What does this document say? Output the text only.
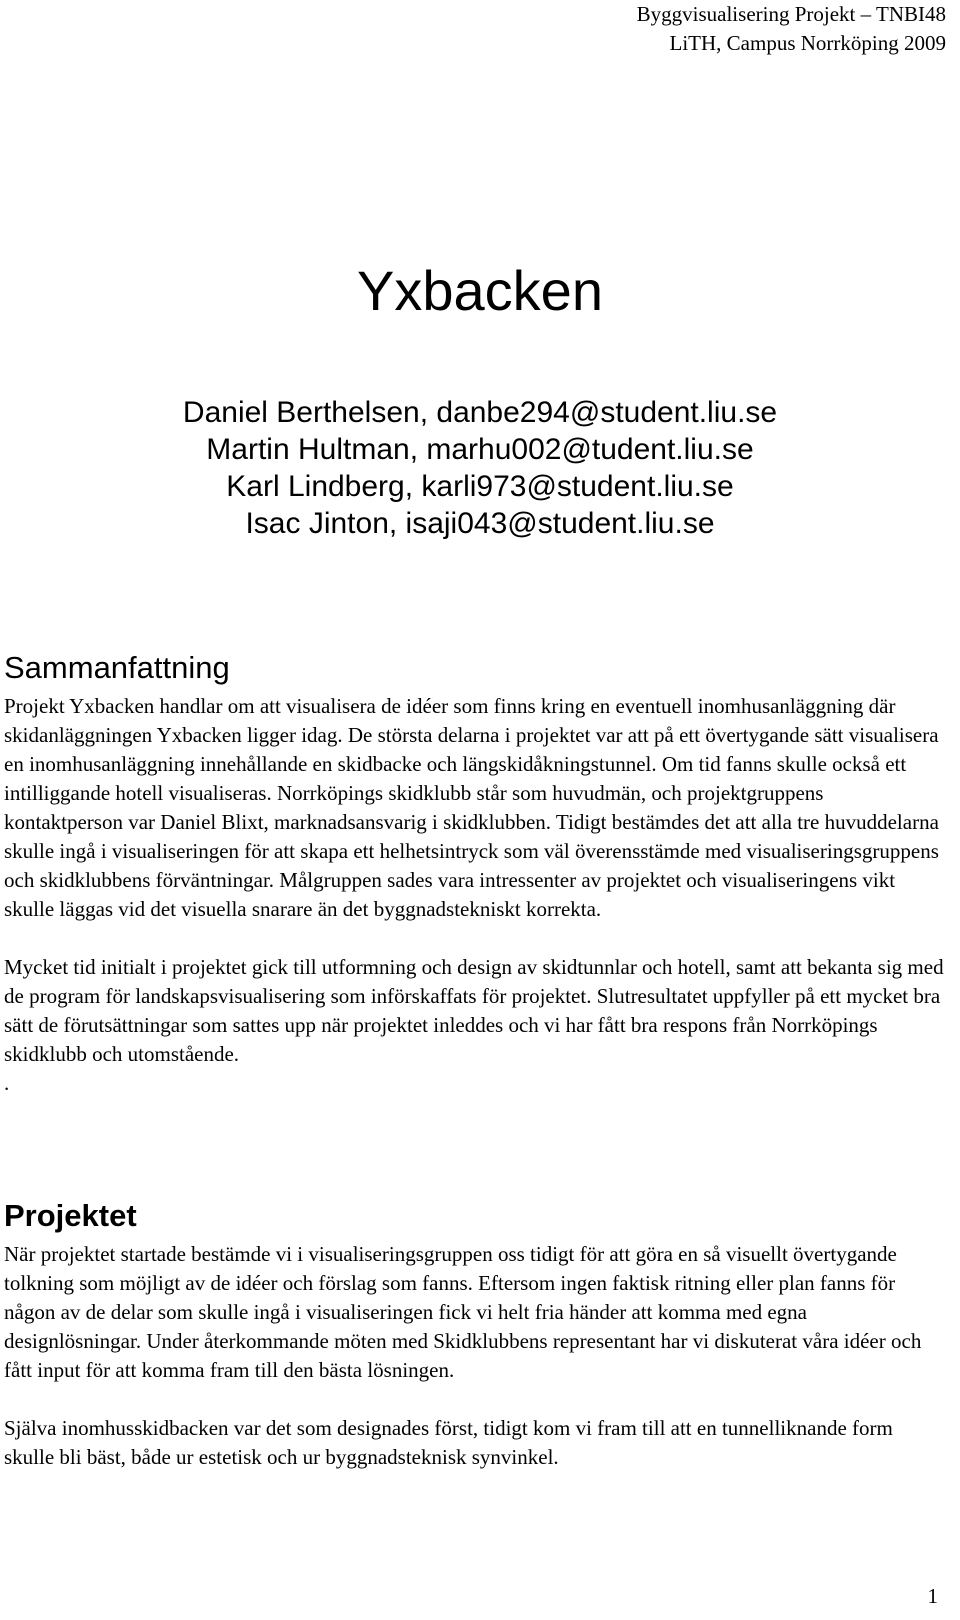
Byggvisualisering Projekt – TNBI48
LiTH, Campus Norrköping 2009
Yxbacken
Daniel Berthelsen, danbe294@student.liu.se
Martin Hultman, marhu002@tudent.liu.se
Karl Lindberg, karli973@student.liu.se
Isac Jinton, isaji043@student.liu.se
Sammanfattning

Projekt Yxbacken handlar om att visualisera de idéer som finns kring en eventuell inomhusanläggning där skidanläggningen Yxbacken ligger idag. De största delarna i projektet var att på ett övertygande sätt visualisera en inomhusanläggning innehållande en skidbacke och längskidåkningstunnel. Om tid fanns skulle också ett intilliggande hotell visualiseras. Norrköpings skidklubb står som huvudmän, och projektgruppens kontaktperson var Daniel Blixt, marknadsansvarig i skidklubben. Tidigt bestämdes det att alla tre huvuddelarna skulle ingå i visualiseringen för att skapa ett helhetsintryck som väl överensstämde med visualiseringsgruppens och skidklubbens förväntningar. Målgruppen sades vara intressenter av projektet och visualiseringens vikt skulle läggas vid det visuella snarare än det byggnadstekniskt korrekta.

Mycket tid initialt i projektet gick till utformning och design av skidtunnlar och hotell, samt att bekanta sig med de program för landskapsvisualisering som införskaffats för projektet. Slutresultatet uppfyller på ett mycket bra sätt de förutsättningar som sattes upp när projektet inleddes och vi har fått bra respons från Norrköpings skidklubb och utomstående.

.

Projektet

När projektet startade bestämde vi i visualiseringsgruppen oss tidigt för att göra en så visuellt övertygande tolkning som möjligt av de idéer och förslag som fanns. Eftersom ingen faktisk ritning eller plan fanns för någon av de delar som skulle ingå i visualiseringen fick vi helt fria händer att komma med egna designlösningar. Under återkommande möten med Skidklubbens representant har vi diskuterat våra idéer och fått input för att komma fram till den bästa lösningen.

Själva inomhusskidbacken var det som designades först, tidigt kom vi fram till att en tunnelliknande form skulle bli bäst, både ur estetisk och ur byggnadsteknisk synvinkel.

1
